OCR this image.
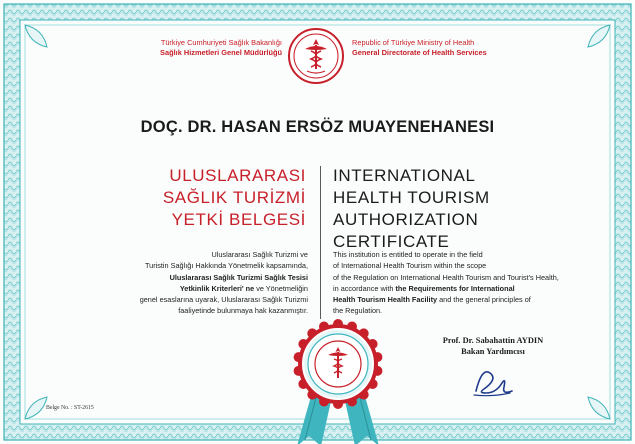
Türkiye Cumhuriyeti Sağlık Bakanlığı
Sağlık Hizmetleri Genel Müdürlüğü
Republic of Türkiye Ministry of Health
General Directorate of Health Services
DOÇ. DR. HASAN ERSÖZ MUAYENEHANESI
ULUSLARARASI
SAĞLIK TURİZMİ
YETKİ BELGESİ
INTERNATIONAL
HEALTH TOURISM
AUTHORIZATION CERTIFICATE
Uluslararası Sağlık Turizmi ve
Turistin Sağlığı Hakkında Yönetmelik kapsamında,
Uluslararası Sağlık Turizmi Sağlık Tesisi
Yetkinlik Kriterleri' ne ve Yönetmeliğin
genel esaslarına uyarak, Uluslararası Sağlık Turizmi
faaliyetinde bulunmaya hak kazanmıştır.
This institution is entitled to operate in the field
of International Health Tourism within the scope
of the Regulation on International Health Tourism and Tourist's Health,
in accordance with the Requirements for International
Health Tourism Health Facility and the general principles of
the Regulation.
Prof. Dr. Sabahattin AYDIN
Bakan Yardımcısı
Belge No. : ST-2615
